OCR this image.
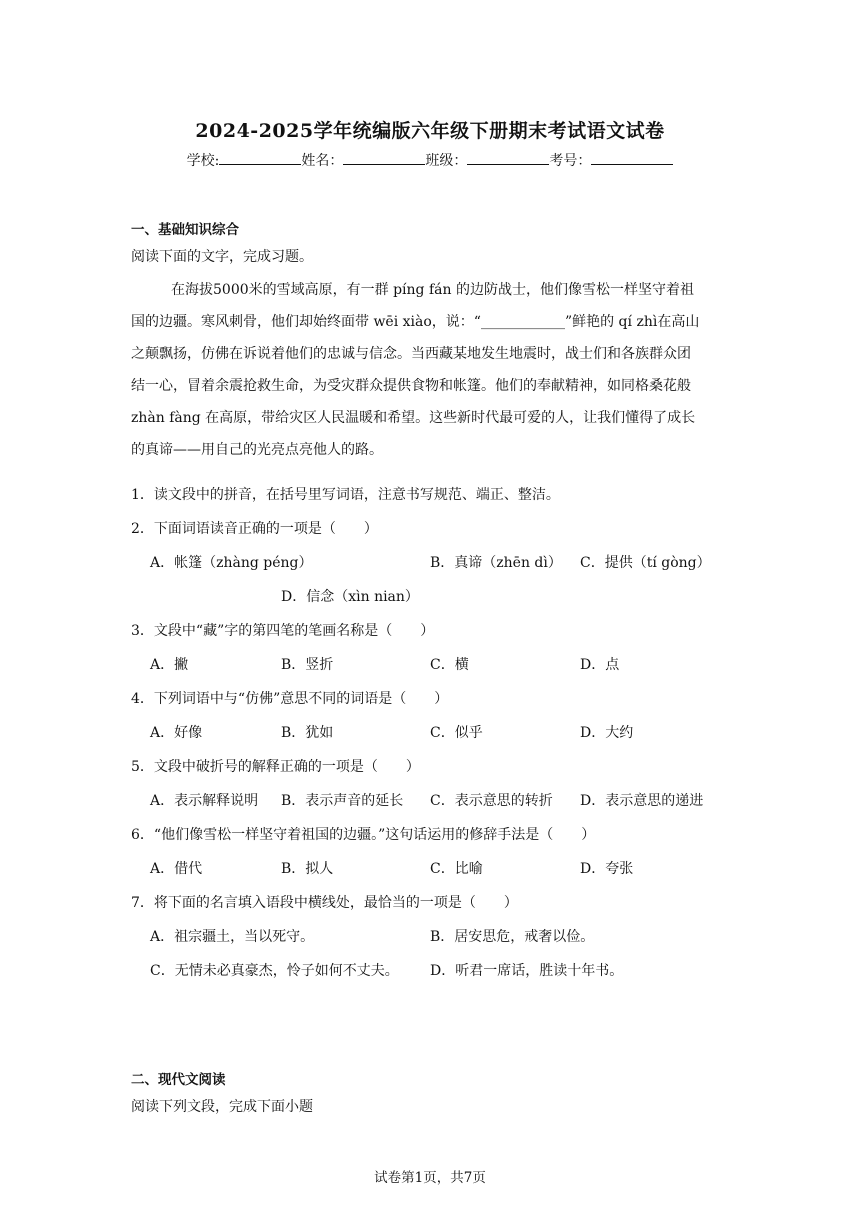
2024-2025学年统编版六年级下册期末考试语文试卷
学校:	姓名：	班级：	考号：
一、基础知识综合
阅读下面的文字，完成习题。

在海拔5000米的雪域高原，有一群 píng fán 的边防战士，他们像雪松一样坚守着祖

国的边疆。寒风刺骨，他们却始终面带 wēi xiào，说：“____________”鲜艳的 qí zhì在高山

之颠飘扬，仿佛在诉说着他们的忠诚与信念。当西藏某地发生地震时，战士们和各族群众团

结一心，冒着余震抢救生命，为受灾群众提供食物和帐篷。他们的奉献精神，如同格桑花般

zhàn fàng 在高原，带给灾区人民温暖和希望。这些新时代最可爱的人，让我们懂得了成长

的真谛——用自己的光亮点亮他人的路。

1．读文段中的拼音，在括号里写词语，注意书写规范、端正、整洁。
2．下面词语读音正确的一项是（　　）
A．帐篷（zhàng péng）	B．真谛（zhēn dì） C．提供（tí gòng）
D．信念（xìn nian）
3．文段中“藏”字的第四笔的笔画名称是（　　）
A．撇	B．竖折	C．横	D．点
4．下列词语中与“仿佛”意思不同的词语是（　　）
A．好像	B．犹如	C．似乎	D．大约
5．文段中破折号的解释正确的一项是（　　）
A．表示解释说明 B．表示声音的延长 C．表示意思的转折 D．表示意思的递进
6．“他们像雪松一样坚守着祖国的边疆。”这句话运用的修辞手法是（　　）
A．借代	B．拟人	C．比喻	D．夸张
7．将下面的名言填入语段中横线处，最恰当的一项是（　　）
A．祖宗疆土，当以死守。	B．居安思危，戒奢以俭。
C．无情未必真豪杰，怜子如何不丈夫。 D．听君一席话，胜读十年书。
二、现代文阅读
阅读下列文段，完成下面小题
试卷第1页，共7页
